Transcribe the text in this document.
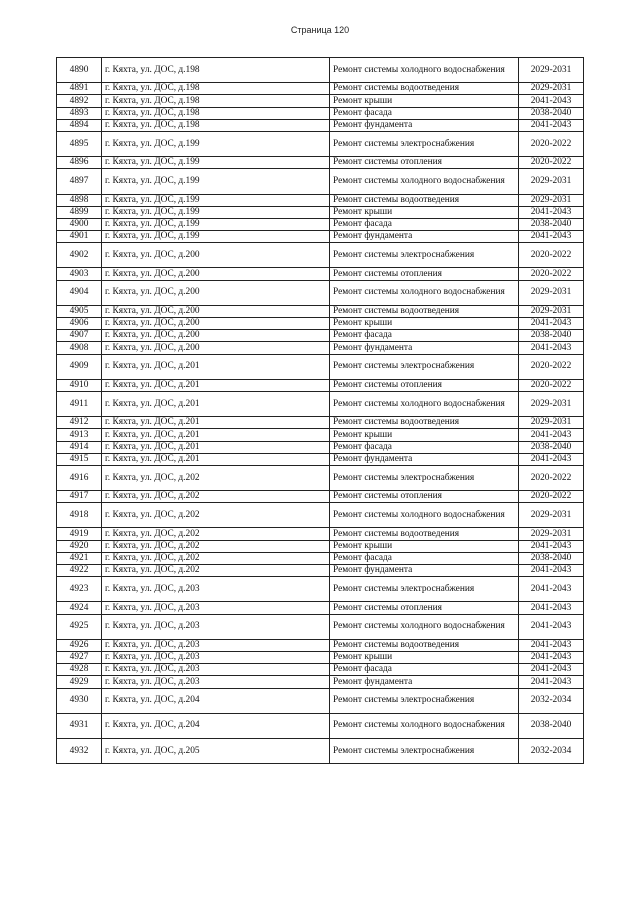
Страница 120
4890	г. Кяхта, ул. ДОС, д.198	Ремонт системы холодного водоснабжения	2029-2031
4891	г. Кяхта, ул. ДОС, д.198	Ремонт системы водоотведения	2029-2031
4892	г. Кяхта, ул. ДОС, д.198	Ремонт крыши	2041-2043
4893	г. Кяхта, ул. ДОС, д.198	Ремонт фасада	2038-2040
4894	г. Кяхта, ул. ДОС, д.198	Ремонт фундамента	2041-2043
4895	г. Кяхта, ул. ДОС, д.199	Ремонт системы электроснабжения	2020-2022
4896	г. Кяхта, ул. ДОС, д.199	Ремонт системы отопления	2020-2022
4897	г. Кяхта, ул. ДОС, д.199	Ремонт системы холодного водоснабжения	2029-2031
4898	г. Кяхта, ул. ДОС, д.199	Ремонт системы водоотведения	2029-2031
4899	г. Кяхта, ул. ДОС, д.199	Ремонт крыши	2041-2043
4900	г. Кяхта, ул. ДОС, д.199	Ремонт фасада	2038-2040
4901	г. Кяхта, ул. ДОС, д.199	Ремонт фундамента	2041-2043
4902	г. Кяхта, ул. ДОС, д.200	Ремонт системы электроснабжения	2020-2022
4903	г. Кяхта, ул. ДОС, д.200	Ремонт системы отопления	2020-2022
4904	г. Кяхта, ул. ДОС, д.200	Ремонт системы холодного водоснабжения	2029-2031
4905	г. Кяхта, ул. ДОС, д.200	Ремонт системы водоотведения	2029-2031
4906	г. Кяхта, ул. ДОС, д.200	Ремонт крыши	2041-2043
4907	г. Кяхта, ул. ДОС, д.200	Ремонт фасада	2038-2040
4908	г. Кяхта, ул. ДОС, д.200	Ремонт фундамента	2041-2043
4909	г. Кяхта, ул. ДОС, д.201	Ремонт системы электроснабжения	2020-2022
4910	г. Кяхта, ул. ДОС, д.201	Ремонт системы отопления	2020-2022
4911	г. Кяхта, ул. ДОС, д.201	Ремонт системы холодного водоснабжения	2029-2031
4912	г. Кяхта, ул. ДОС, д.201	Ремонт системы водоотведения	2029-2031
4913	г. Кяхта, ул. ДОС, д.201	Ремонт крыши	2041-2043
4914	г. Кяхта, ул. ДОС, д.201	Ремонт фасада	2038-2040
4915	г. Кяхта, ул. ДОС, д.201	Ремонт фундамента	2041-2043
4916	г. Кяхта, ул. ДОС, д.202	Ремонт системы электроснабжения	2020-2022
4917	г. Кяхта, ул. ДОС, д.202	Ремонт системы отопления	2020-2022
4918	г. Кяхта, ул. ДОС, д.202	Ремонт системы холодного водоснабжения	2029-2031
4919	г. Кяхта, ул. ДОС, д.202	Ремонт системы водоотведения	2029-2031
4920	г. Кяхта, ул. ДОС, д.202	Ремонт крыши	2041-2043
4921	г. Кяхта, ул. ДОС, д.202	Ремонт фасада	2038-2040
4922	г. Кяхта, ул. ДОС, д.202	Ремонт фундамента	2041-2043
4923	г. Кяхта, ул. ДОС, д.203	Ремонт системы электроснабжения	2041-2043
4924	г. Кяхта, ул. ДОС, д.203	Ремонт системы отопления	2041-2043
4925	г. Кяхта, ул. ДОС, д.203	Ремонт системы холодного водоснабжения	2041-2043
4926	г. Кяхта, ул. ДОС, д.203	Ремонт системы водоотведения	2041-2043
4927	г. Кяхта, ул. ДОС, д.203	Ремонт крыши	2041-2043
4928	г. Кяхта, ул. ДОС, д.203	Ремонт фасада	2041-2043
4929	г. Кяхта, ул. ДОС, д.203	Ремонт фундамента	2041-2043
4930	г. Кяхта, ул. ДОС, д.204	Ремонт системы электроснабжения	2032-2034
4931	г. Кяхта, ул. ДОС, д.204	Ремонт системы холодного водоснабжения	2038-2040
4932	г. Кяхта, ул. ДОС, д.205	Ремонт системы электроснабжения	2032-2034
